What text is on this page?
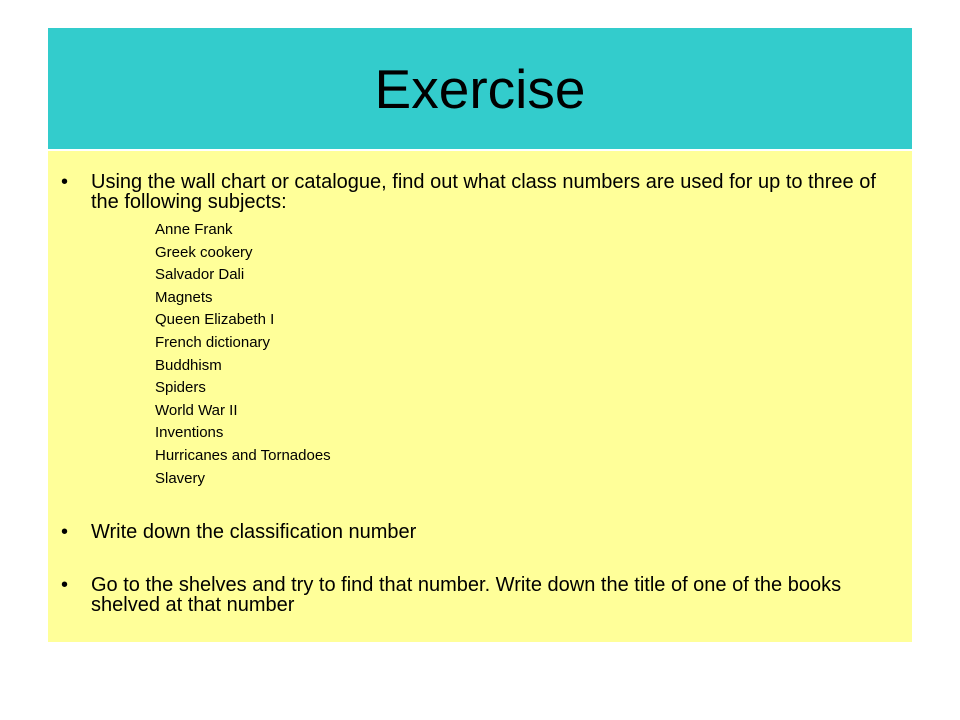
Exercise
• Using the wall chart or catalogue, find out what class numbers are used for up to three of the following subjects:
Anne Frank
Greek cookery
Salvador Dali
Magnets
Queen Elizabeth I
French dictionary
Buddhism
Spiders
World War II
Inventions
Hurricanes and Tornadoes
Slavery
• Write down the classification number
• Go to the shelves and try to find that number. Write down the title of one of the books shelved at that number
